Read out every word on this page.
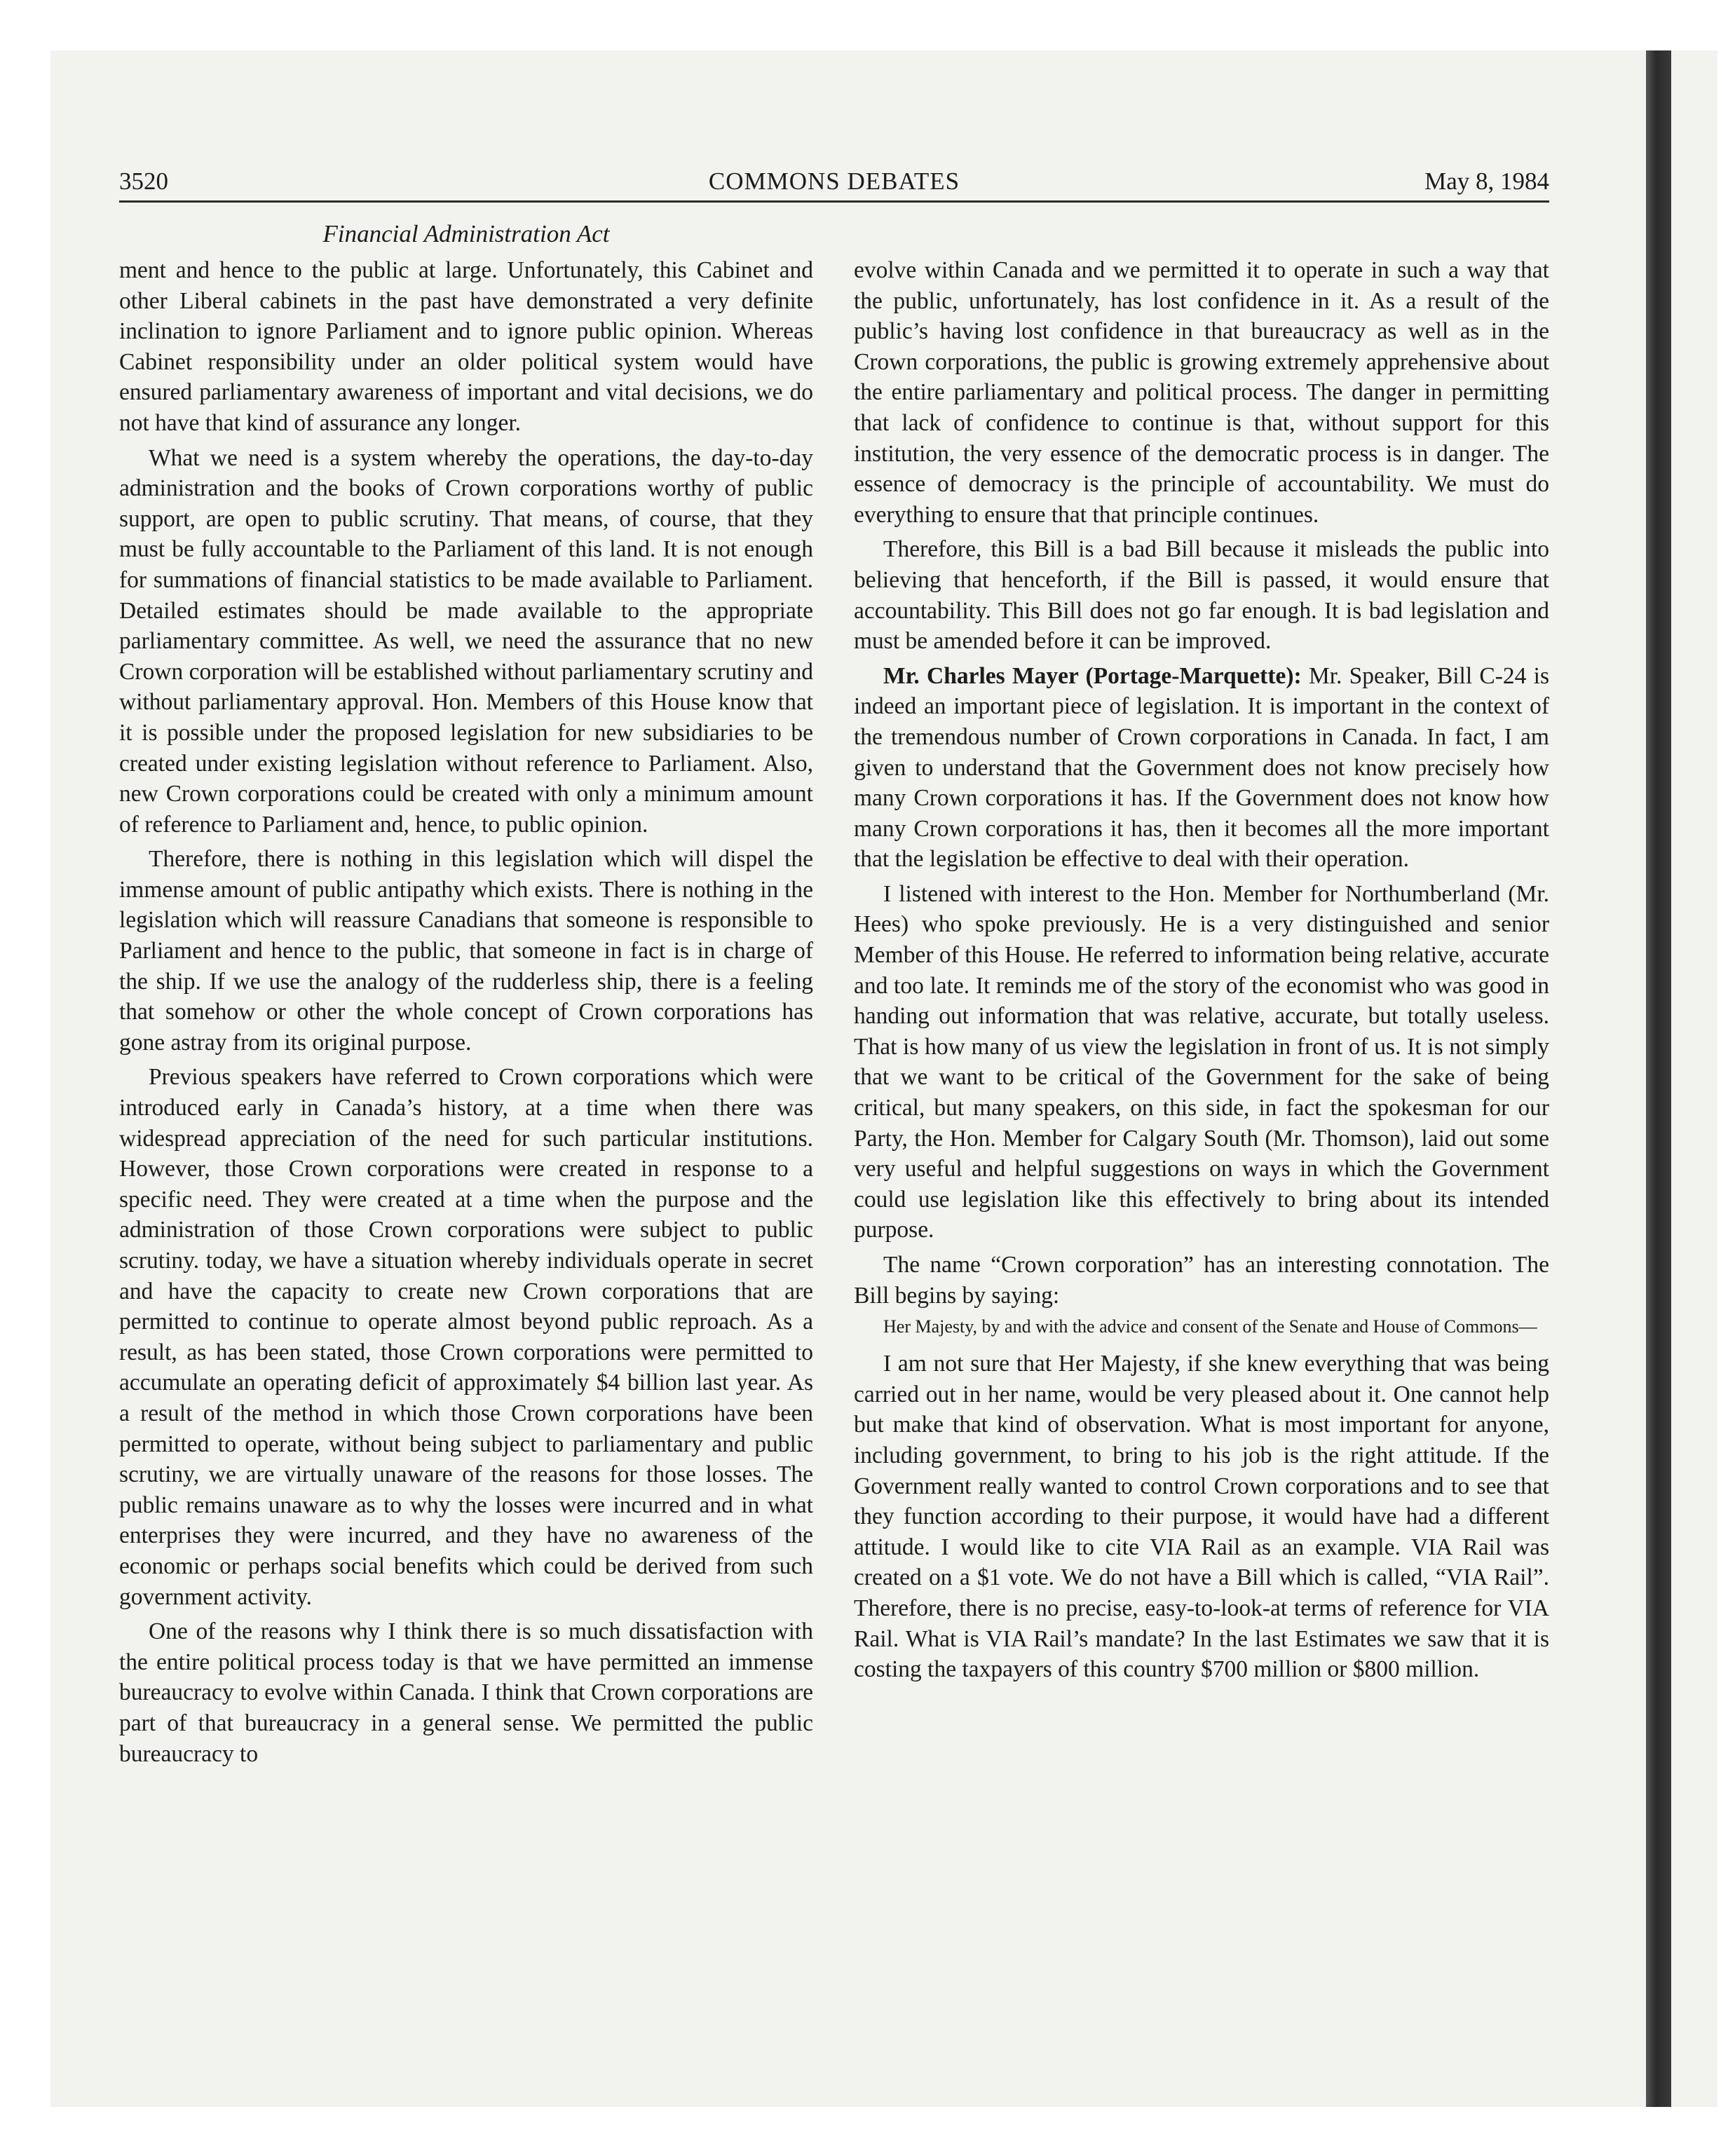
3520	COMMONS DEBATES	May 8, 1984
Financial Administration Act

ment and hence to the public at large. Unfortunately, this Cabinet and other Liberal cabinets in the past have demonstrated a very definite inclination to ignore Parliament and to ignore public opinion. Whereas Cabinet responsibility under an older political system would have ensured parliamentary awareness of important and vital decisions, we do not have that kind of assurance any longer.

What we need is a system whereby the operations, the day-to-day administration and the books of Crown corporations worthy of public support, are open to public scrutiny. That means, of course, that they must be fully accountable to the Parliament of this land. It is not enough for summations of financial statistics to be made available to Parliament. Detailed estimates should be made available to the appropriate parliamentary committee. As well, we need the assurance that no new Crown corporation will be established without parliamentary scrutiny and without parliamentary approval. Hon. Members of this House know that it is possible under the proposed legislation for new subsidiaries to be created under existing legislation without reference to Parliament. Also, new Crown corporations could be created with only a minimum amount of reference to Parliament and, hence, to public opinion.

Therefore, there is nothing in this legislation which will dispel the immense amount of public antipathy which exists. There is nothing in the legislation which will reassure Canadians that someone is responsible to Parliament and hence to the public, that someone in fact is in charge of the ship. If we use the analogy of the rudderless ship, there is a feeling that somehow or other the whole concept of Crown corporations has gone astray from its original purpose.

Previous speakers have referred to Crown corporations which were introduced early in Canada’s history, at a time when there was widespread appreciation of the need for such particular institutions. However, those Crown corporations were created in response to a specific need. They were created at a time when the purpose and the administration of those Crown corporations were subject to public scrutiny. today, we have a situation whereby individuals operate in secret and have the capacity to create new Crown corporations that are permitted to continue to operate almost beyond public reproach. As a result, as has been stated, those Crown corporations were permitted to accumulate an operating deficit of approximately $4 billion last year. As a result of the method in which those Crown corporations have been permitted to operate, without being subject to parliamentary and public scrutiny, we are virtually unaware of the reasons for those losses. The public remains unaware as to why the losses were incurred and in what enterprises they were incurred, and they have no awareness of the economic or perhaps social benefits which could be derived from such government activity.

One of the reasons why I think there is so much dissatisfaction with the entire political process today is that we have permitted an immense bureaucracy to evolve within Canada. I think that Crown corporations are part of that bureaucracy in a general sense. We permitted the public bureaucracy to

evolve within Canada and we permitted it to operate in such a way that the public, unfortunately, has lost confidence in it. As a result of the public’s having lost confidence in that bureaucracy as well as in the Crown corporations, the public is growing extremely apprehensive about the entire parliamentary and political process. The danger in permitting that lack of confidence to continue is that, without support for this institution, the very essence of the democratic process is in danger. The essence of democracy is the principle of accountability. We must do everything to ensure that that principle continues.

Therefore, this Bill is a bad Bill because it misleads the public into believing that henceforth, if the Bill is passed, it would ensure that accountability. This Bill does not go far enough. It is bad legislation and must be amended before it can be improved.

Mr. Charles Mayer (Portage-Marquette): Mr. Speaker, Bill C-24 is indeed an important piece of legislation. It is important in the context of the tremendous number of Crown corporations in Canada. In fact, I am given to understand that the Government does not know precisely how many Crown corporations it has. If the Government does not know how many Crown corporations it has, then it becomes all the more important that the legislation be effective to deal with their operation.

I listened with interest to the Hon. Member for Northumberland (Mr. Hees) who spoke previously. He is a very distinguished and senior Member of this House. He referred to information being relative, accurate and too late. It reminds me of the story of the economist who was good in handing out information that was relative, accurate, but totally useless. That is how many of us view the legislation in front of us. It is not simply that we want to be critical of the Government for the sake of being critical, but many speakers, on this side, in fact the spokesman for our Party, the Hon. Member for Calgary South (Mr. Thomson), laid out some very useful and helpful suggestions on ways in which the Government could use legislation like this effectively to bring about its intended purpose.

The name “Crown corporation” has an interesting connotation. The Bill begins by saying:

Her Majesty, by and with the advice and consent of the Senate and House of Commons—

I am not sure that Her Majesty, if she knew everything that was being carried out in her name, would be very pleased about it. One cannot help but make that kind of observation. What is most important for anyone, including government, to bring to his job is the right attitude. If the Government really wanted to control Crown corporations and to see that they function according to their purpose, it would have had a different attitude. I would like to cite VIA Rail as an example. VIA Rail was created on a $1 vote. We do not have a Bill which is called, “VIA Rail”. Therefore, there is no precise, easy-to-look-at terms of reference for VIA Rail. What is VIA Rail’s mandate? In the last Estimates we saw that it is costing the taxpayers of this country $700 million or $800 million.
